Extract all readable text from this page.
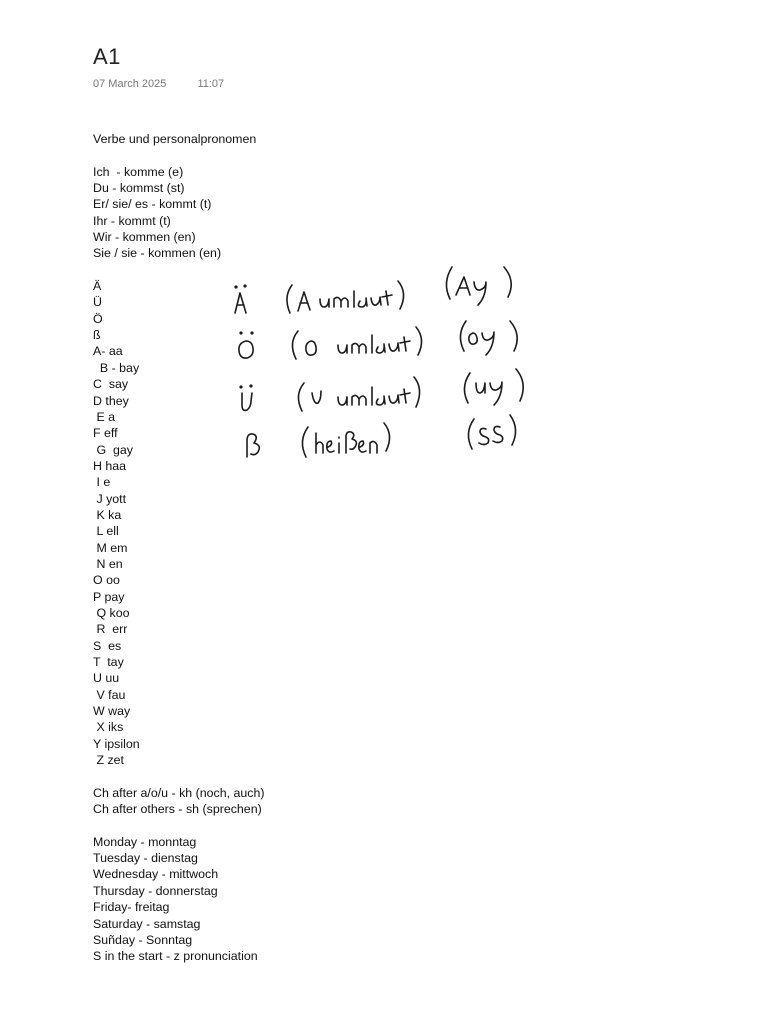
A1
07 March 2025	11:07
Verbe und personalpronomen
Ich  - komme (e)
Du - kommst (st)
Er/ sie/ es - kommt (t)
Ihr - kommt (t)
Wir - kommen (en)
Sie / sie - kommen (en)
Ä
Ü
Ö
ß
A- aa
B - bay
C  say
D they
E a
F eff
G  gay
H haa
I e
J yott
K ka
L ell
M em
N en
O oo
P pay
Q koo
R  err
S  es
T  tay
U uu
V fau
W way
X iks
Y ipsilon
Z zet
Ch after a/o/u - kh (noch, auch)
Ch after others - sh (sprechen)
Monday - monntag
Tuesday - dienstag
Wednesday - mittwoch
Thursday - donnerstag
Friday- freitag
Saturday - samstag
Suñday - Sonntag
S in the start - z pronunciation
